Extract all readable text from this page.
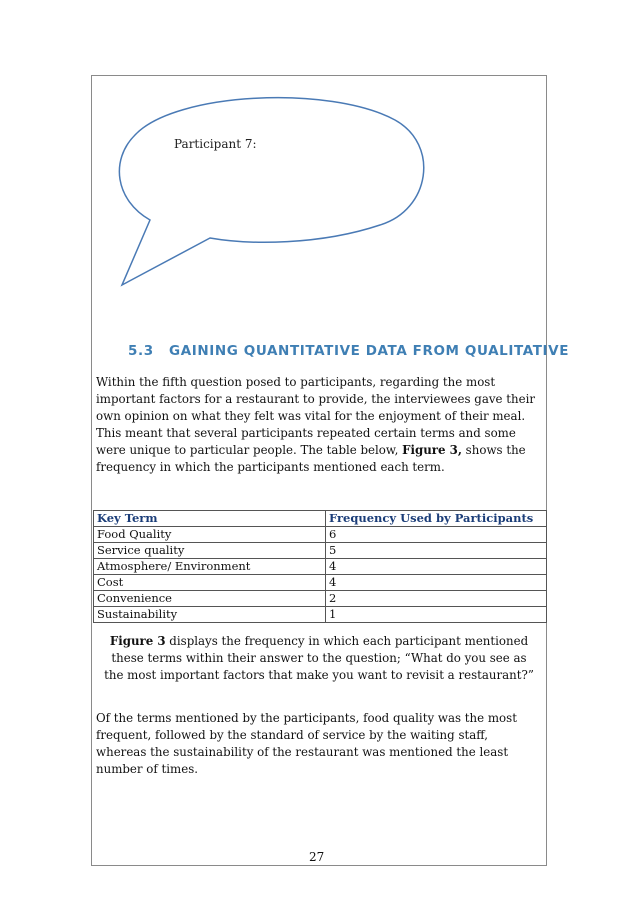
Participant 7:
5.3 GAINING QUANTITATIVE DATA FROM QUALITATIVE

Within the fifth question posed to participants, regarding the most important factors for a restaurant to provide, the interviewees gave their own opinion on what they felt was vital for the enjoyment of their meal. This meant that several participants repeated certain terms and some were unique to particular people. The table below, Figure 3, shows the frequency in which the participants mentioned each term.

Key Term	Frequency Used by Participants
Food Quality	6
Service quality	5
Atmosphere/ Environment	4
Cost	4
Convenience	2
Sustainability	1

Figure 3 displays the frequency in which each participant mentioned these terms within their answer to the question; “What do you see as the most important factors that make you want to revisit a restaurant?”

Of the terms mentioned by the participants, food quality was the most frequent, followed by the standard of service by the waiting staff, whereas the sustainability of the restaurant was mentioned the least number of times.

27
